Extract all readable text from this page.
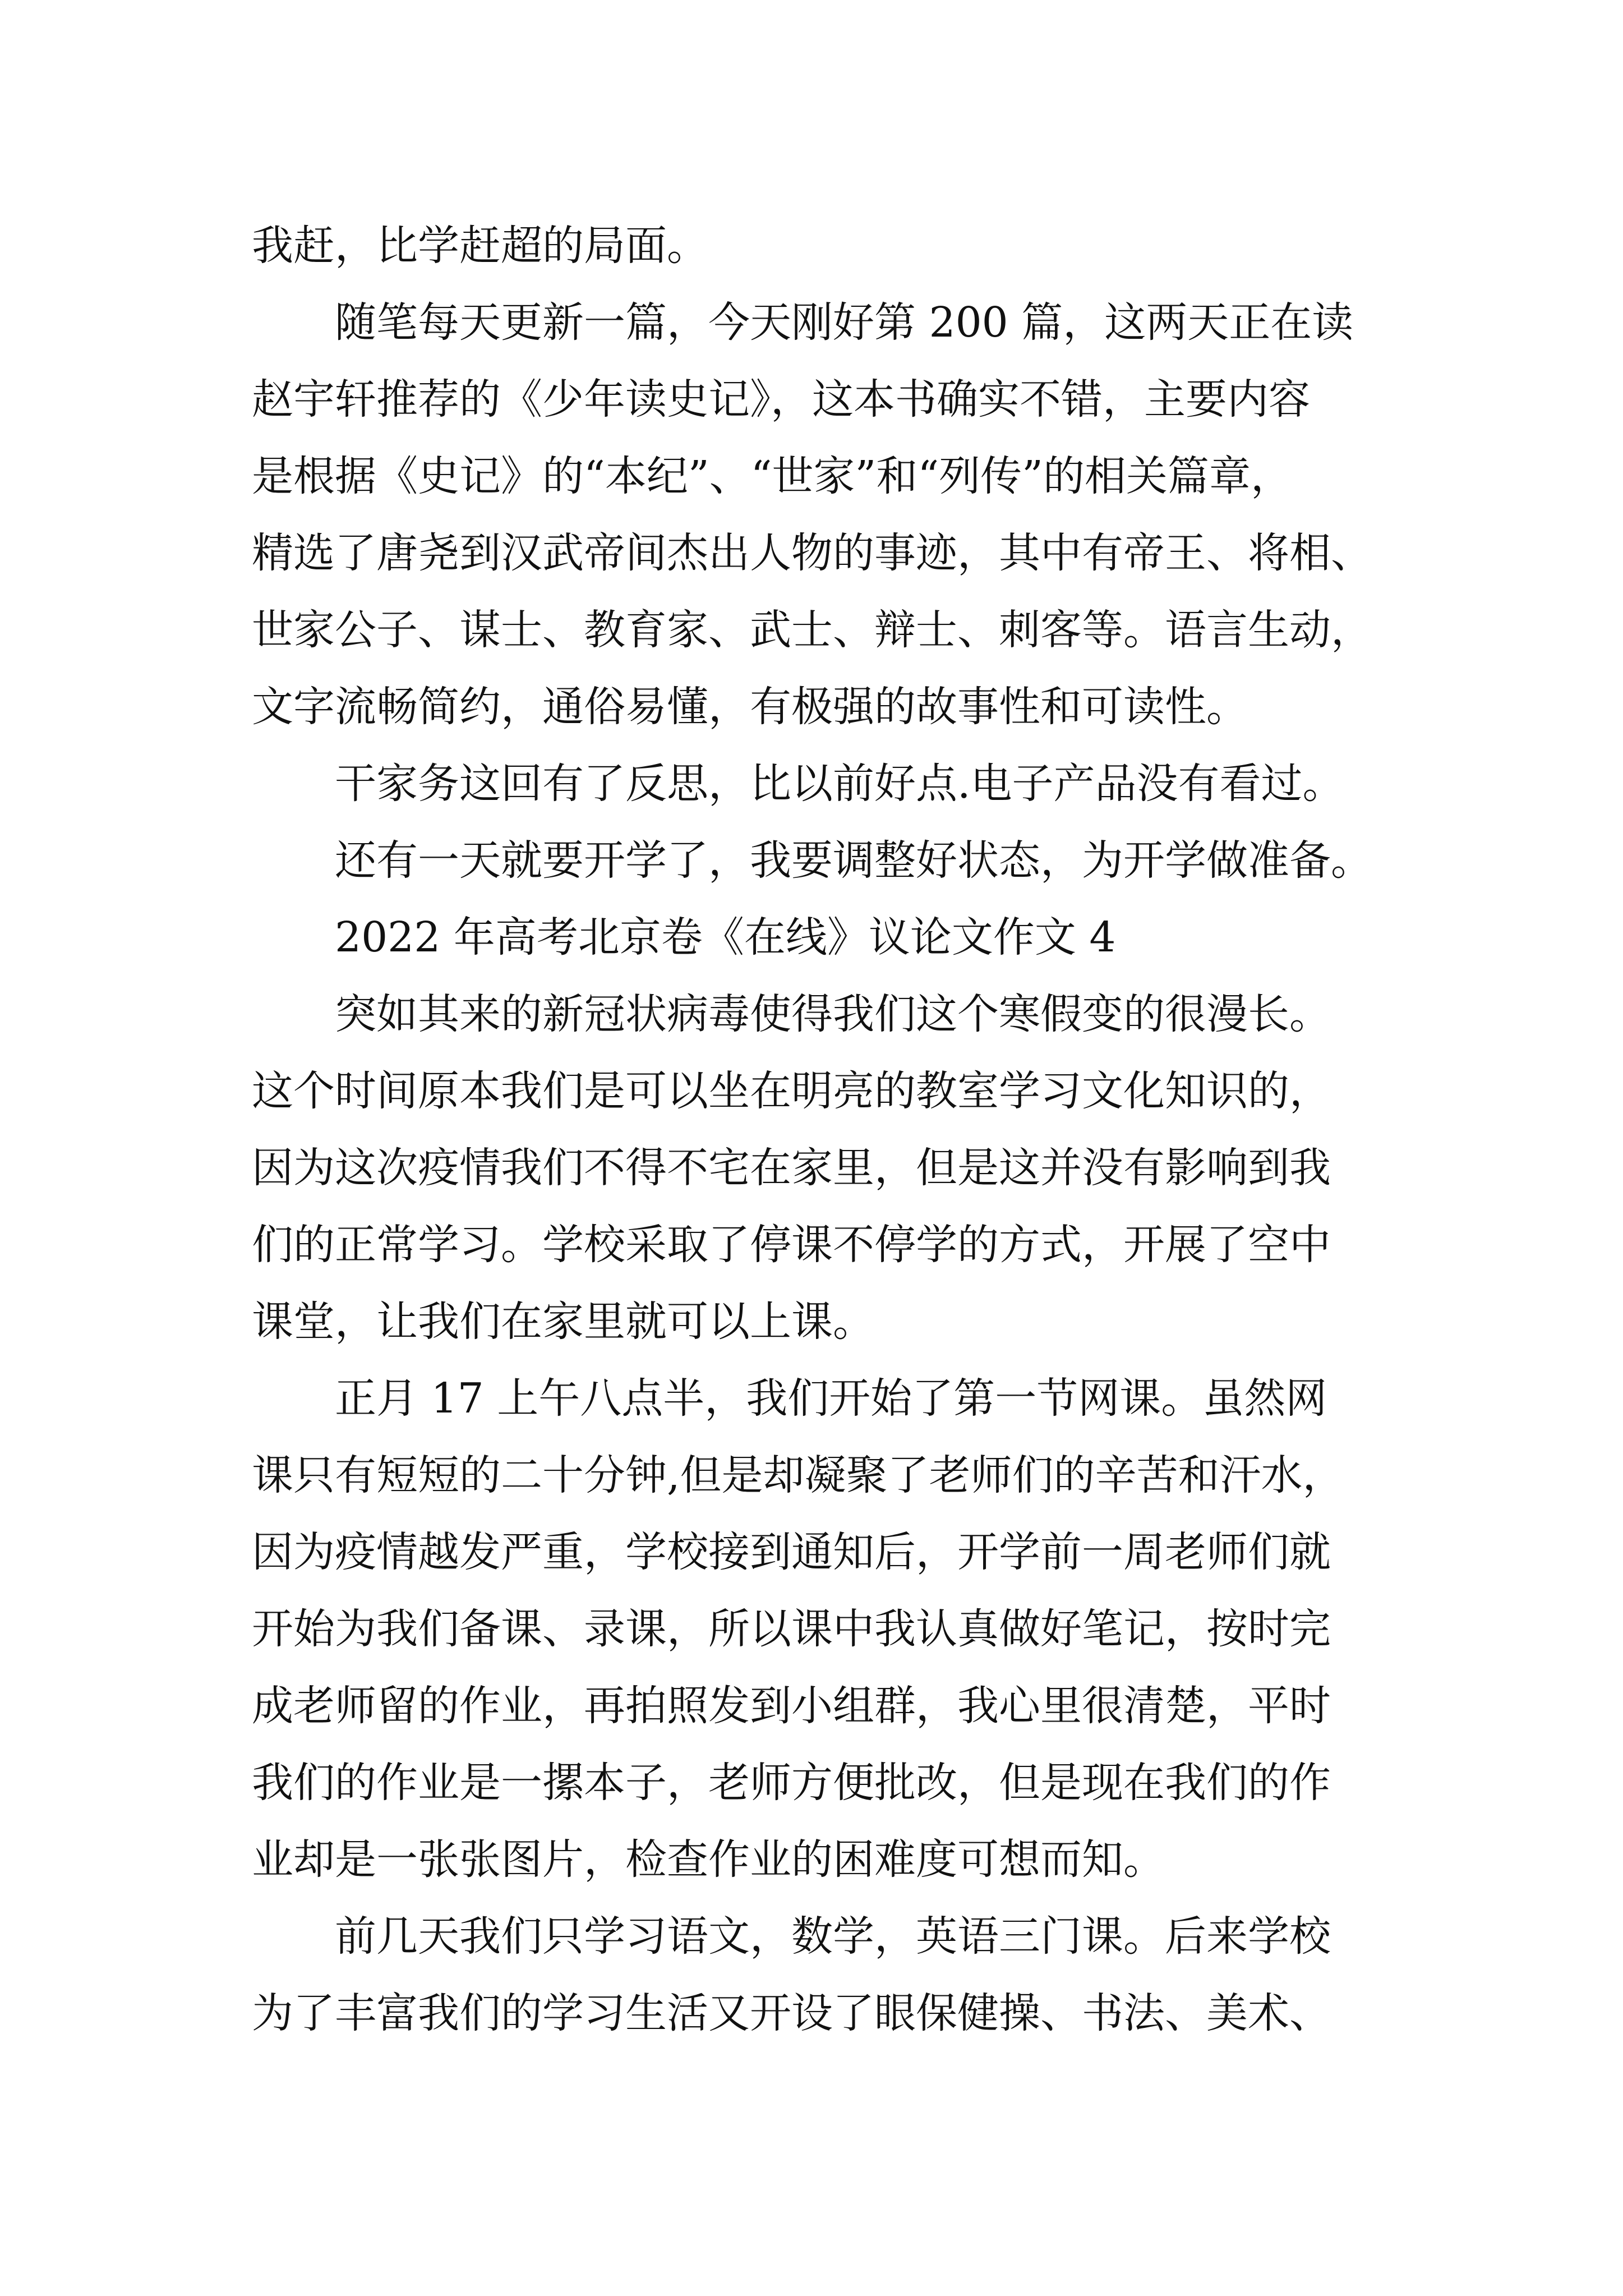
我赶，比学赶超的局面。

随笔每天更新一篇，今天刚好第 200 篇，这两天正在读

赵宇轩推荐的《少年读史记》，这本书确实不错，主要内容

是根据《史记》的“本纪”、“世家”和“列传”的相关篇章，

精选了唐尧到汉武帝间杰出人物的事迹，其中有帝王、将相、

世家公子、谋士、教育家、武士、辩士、刺客等。语言生动，

文字流畅简约，通俗易懂，有极强的故事性和可读性。

干家务这回有了反思，比以前好点.电子产品没有看过。

还有一天就要开学了，我要调整好状态，为开学做准备。

2022 年高考北京卷《在线》议论文作文 4

突如其来的新冠状病毒使得我们这个寒假变的很漫长。

这个时间原本我们是可以坐在明亮的教室学习文化知识的，

因为这次疫情我们不得不宅在家里，但是这并没有影响到我

们的正常学习。学校采取了停课不停学的方式，开展了空中

课堂，让我们在家里就可以上课。

正月 17 上午八点半，我们开始了第一节网课。虽然网

课只有短短的二十分钟,但是却凝聚了老师们的辛苦和汗水，

因为疫情越发严重，学校接到通知后，开学前一周老师们就

开始为我们备课、录课，所以课中我认真做好笔记，按时完

成老师留的作业，再拍照发到小组群，我心里很清楚，平时

我们的作业是一摞本子，老师方便批改，但是现在我们的作

业却是一张张图片，检查作业的困难度可想而知。

前几天我们只学习语文，数学，英语三门课。后来学校

为了丰富我们的学习生活又开设了眼保健操、书法、美术、
